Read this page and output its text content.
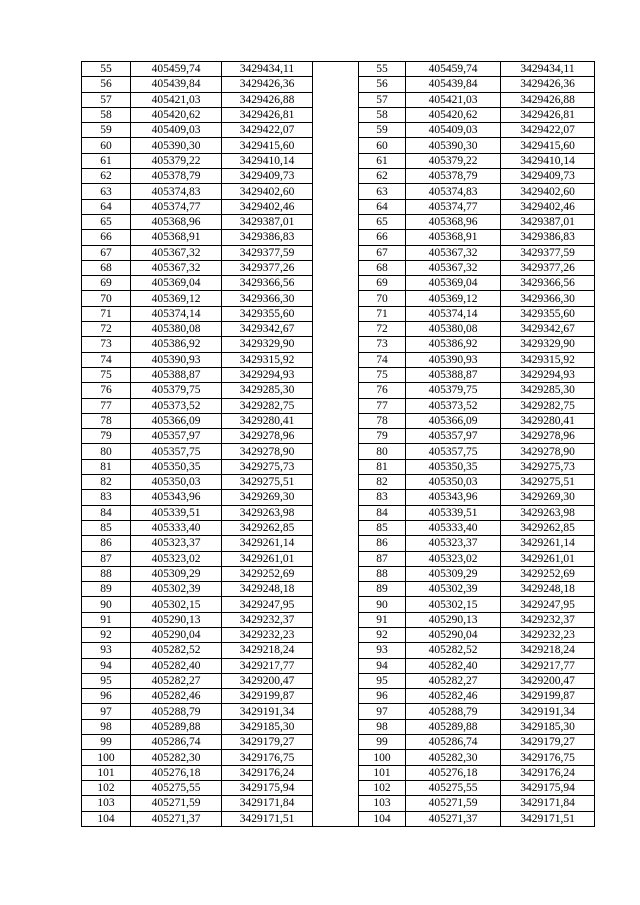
55	405459,74	3429434,11		55	405459,74	3429434,11
56	405439,84	3429426,36		56	405439,84	3429426,36
57	405421,03	3429426,88		57	405421,03	3429426,88
58	405420,62	3429426,81		58	405420,62	3429426,81
59	405409,03	3429422,07		59	405409,03	3429422,07
60	405390,30	3429415,60		60	405390,30	3429415,60
61	405379,22	3429410,14		61	405379,22	3429410,14
62	405378,79	3429409,73		62	405378,79	3429409,73
63	405374,83	3429402,60		63	405374,83	3429402,60
64	405374,77	3429402,46		64	405374,77	3429402,46
65	405368,96	3429387,01		65	405368,96	3429387,01
66	405368,91	3429386,83		66	405368,91	3429386,83
67	405367,32	3429377,59		67	405367,32	3429377,59
68	405367,32	3429377,26		68	405367,32	3429377,26
69	405369,04	3429366,56		69	405369,04	3429366,56
70	405369,12	3429366,30		70	405369,12	3429366,30
71	405374,14	3429355,60		71	405374,14	3429355,60
72	405380,08	3429342,67		72	405380,08	3429342,67
73	405386,92	3429329,90		73	405386,92	3429329,90
74	405390,93	3429315,92		74	405390,93	3429315,92
75	405388,87	3429294,93		75	405388,87	3429294,93
76	405379,75	3429285,30		76	405379,75	3429285,30
77	405373,52	3429282,75		77	405373,52	3429282,75
78	405366,09	3429280,41		78	405366,09	3429280,41
79	405357,97	3429278,96		79	405357,97	3429278,96
80	405357,75	3429278,90		80	405357,75	3429278,90
81	405350,35	3429275,73		81	405350,35	3429275,73
82	405350,03	3429275,51		82	405350,03	3429275,51
83	405343,96	3429269,30		83	405343,96	3429269,30
84	405339,51	3429263,98		84	405339,51	3429263,98
85	405333,40	3429262,85		85	405333,40	3429262,85
86	405323,37	3429261,14		86	405323,37	3429261,14
87	405323,02	3429261,01		87	405323,02	3429261,01
88	405309,29	3429252,69		88	405309,29	3429252,69
89	405302,39	3429248,18		89	405302,39	3429248,18
90	405302,15	3429247,95		90	405302,15	3429247,95
91	405290,13	3429232,37		91	405290,13	3429232,37
92	405290,04	3429232,23		92	405290,04	3429232,23
93	405282,52	3429218,24		93	405282,52	3429218,24
94	405282,40	3429217,77		94	405282,40	3429217,77
95	405282,27	3429200,47		95	405282,27	3429200,47
96	405282,46	3429199,87		96	405282,46	3429199,87
97	405288,79	3429191,34		97	405288,79	3429191,34
98	405289,88	3429185,30		98	405289,88	3429185,30
99	405286,74	3429179,27		99	405286,74	3429179,27
100	405282,30	3429176,75		100	405282,30	3429176,75
101	405276,18	3429176,24		101	405276,18	3429176,24
102	405275,55	3429175,94		102	405275,55	3429175,94
103	405271,59	3429171,84		103	405271,59	3429171,84
104	405271,37	3429171,51		104	405271,37	3429171,51
